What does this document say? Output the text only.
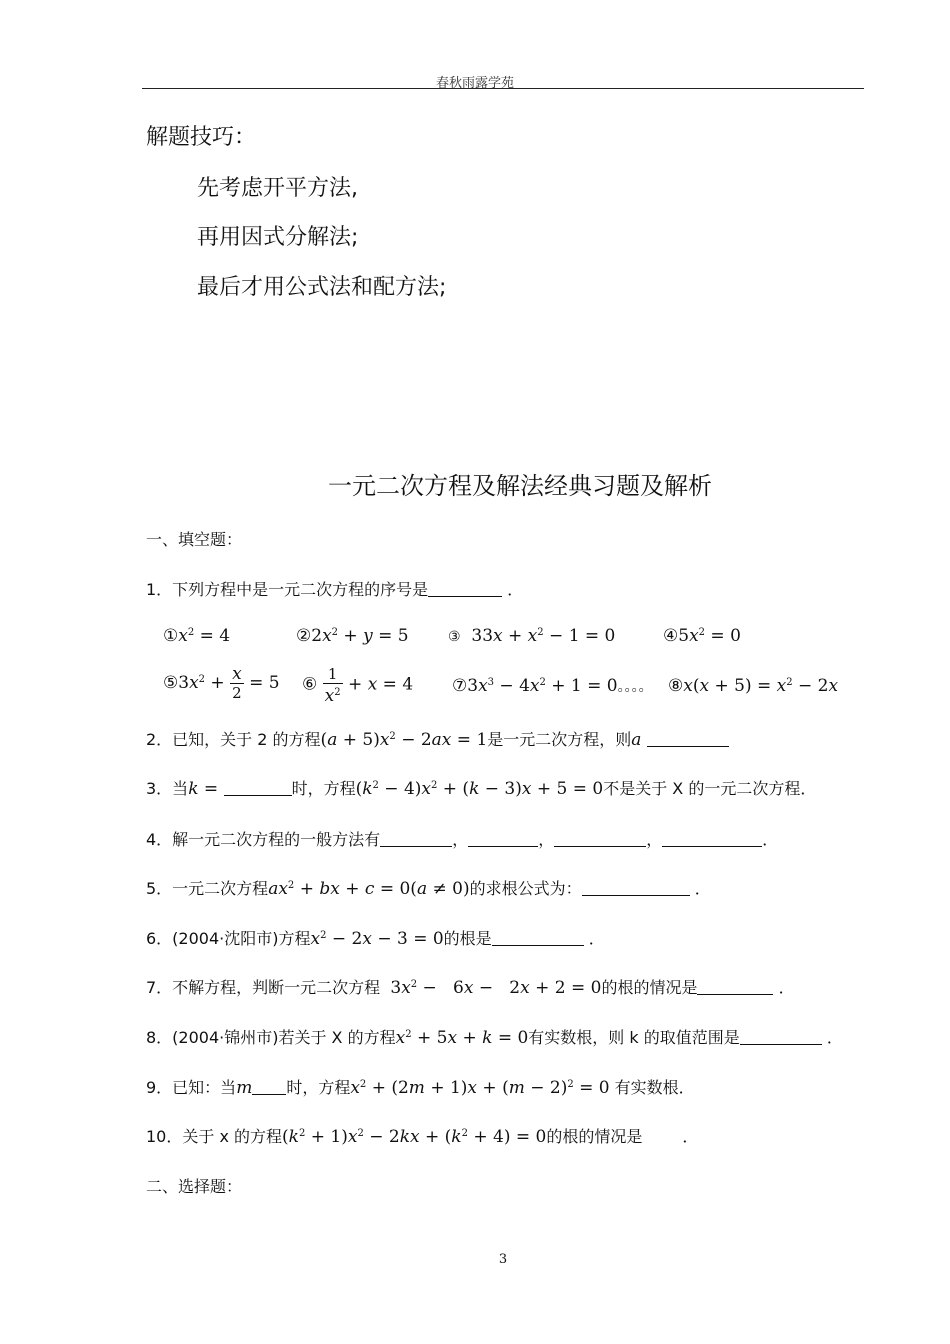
春秋雨露学苑
解题技巧：
先考虑开平方法,
再用因式分解法;
最后才用公式法和配方法;
一元二次方程及解法经典习题及解析
一、填空题：
1．下列方程中是一元二次方程的序号是	．
$①x^2 = 4$	$②2x^2 + y = 5$	③ $33x + x^2 - 1 = 0$	$④5x^2 = 0$
$⑤3x^2 + \frac{x}{2} = 5$ ⑥ $\frac{1}{x^2} + x = 4$ $⑦3x^3 - 4x^2 + 1 = 0$。。。。 ⑧x(x + $5) = x^2 - 2x$
2．已知，关于 2 的方程$(a + 5)x^2 - 2ax = 1$是一元二次方程，则a
3．当k =	时，方程$(k^2 - 4)x^2 + (k - 3)x + 5 = 0$不是关于 X 的一元二次方程．
4．解一元二次方程的一般方法有	，	，	，	．
5．一元二次方程$ax^2$ + bx + c = 0(a ≠ 0)的求根公式为：	．
6．(2004·沈阳市)方程$x^2 - 2x - 3 = 0$的根是	．
7．不解方程，判断一元二次方程 $3x^2 - 6x - 2x + 2 = 0$的根的情况是	．
8．(2004·锦州市)若关于 X 的方程$x^2 + 5x + k = 0$有实数根，则 k 的取值范围是	．
9．已知：当m 时，方程$x^2 + (2m + 1)x + (m - 2)^2 = 0$ 有实数根．
10．关于 x 的方程$(k^2 + 1)x^2 - 2kx + (k^2 + 4) = 0$的根的情况是	．
二、选择题：
3
